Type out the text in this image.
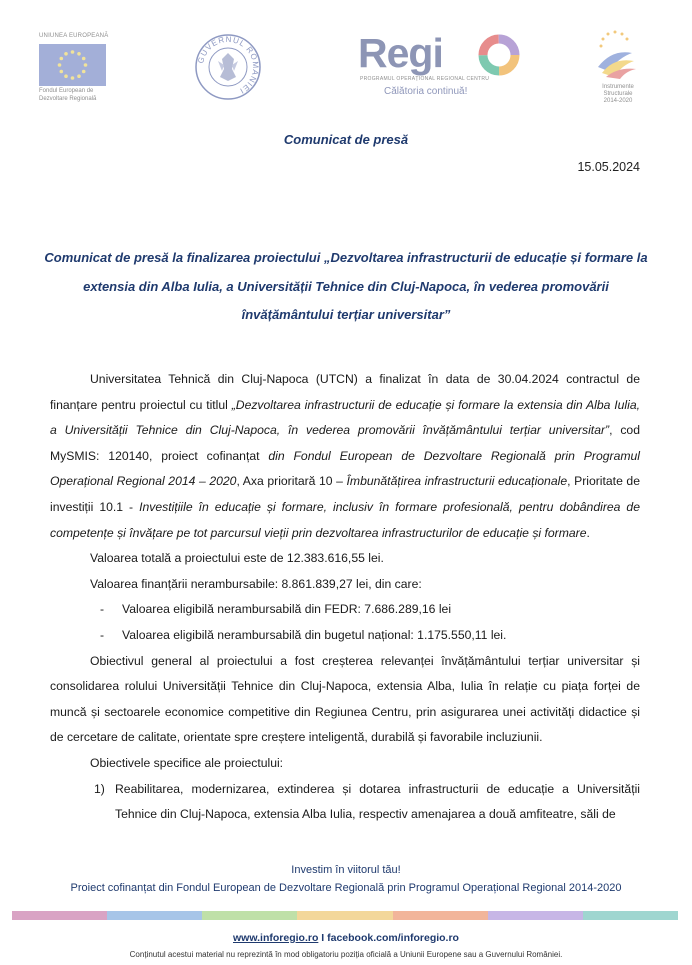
UNIUNEA EUROPEANĂ
Fondul European de
Dezvoltare Regională
GUVERNUL ROMÂNIEI
Regi
PROGRAMUL OPERAȚIONAL REGIONAL CENTRU
Călătoria continuă!	Instrumente Structurale
2014-2020
Comunicat de presă
15.05.2024
Comunicat de presă la finalizarea proiectului „Dezvoltarea infrastructurii de educație și formare la extensia din Alba Iulia, a Universității Tehnice din Cluj-Napoca, în vederea promovării învățământului terțiar universitar”

Universitatea Tehnică din Cluj-Napoca (UTCN) a finalizat în data de 30.04.2024 contractul de finanțare pentru proiectul cu titlul „Dezvoltarea infrastructurii de educație și formare la extensia din Alba Iulia, a Universității Tehnice din Cluj-Napoca, în vederea promovării învățământului terțiar universitar”, cod MySMIS: 120140, proiect cofinanțat din Fondul European de Dezvoltare Regională prin Programul Operațional Regional 2014 – 2020, Axa prioritară 10 – Îmbunătățirea infrastructurii educaționale, Prioritate de investiții 10.1 - Investițiile în educație și formare, inclusiv în formare profesională, pentru dobândirea de competențe și învățare pe tot parcursul vieții prin dezvoltarea infrastructurilor de educație și formare.

Valoarea totală a proiectului este de 12.383.616,55 lei.

Valoarea finanțării nerambursabile: 8.861.839,27 lei, din care:

- Valoarea eligibilă nerambursabilă din FEDR: 7.686.289,16 lei

- Valoarea eligibilă nerambursabilă din bugetul național: 1.175.550,11 lei.

Obiectivul general al proiectului a fost creșterea relevanței învățământului terțiar universitar și consolidarea rolului Universității Tehnice din Cluj-Napoca, extensia Alba, Iulia în relație cu piața forței de muncă și sectoarele economice competitive din Regiunea Centru, prin asigurarea unei activități didactice și de cercetare de calitate, orientate spre creștere inteligentă, durabilă și favorabile incluziunii.

Obiectivele specifice ale proiectului:

1) Reabilitarea, modernizarea, extinderea și dotarea infrastructurii de educație a Universității Tehnice din Cluj-Napoca, extensia Alba Iulia, respectiv amenajarea a două amfiteatre, săli de

Investim în viitorul tău!
Proiect cofinanțat din Fondul European de Dezvoltare Regională prin Programul Operațional Regional 2014-2020
www.inforegio.ro I facebook.com/inforegio.ro
Conținutul acestui material nu reprezintă în mod obligatoriu poziția oficială a Uniunii Europene sau a Guvernului României.
